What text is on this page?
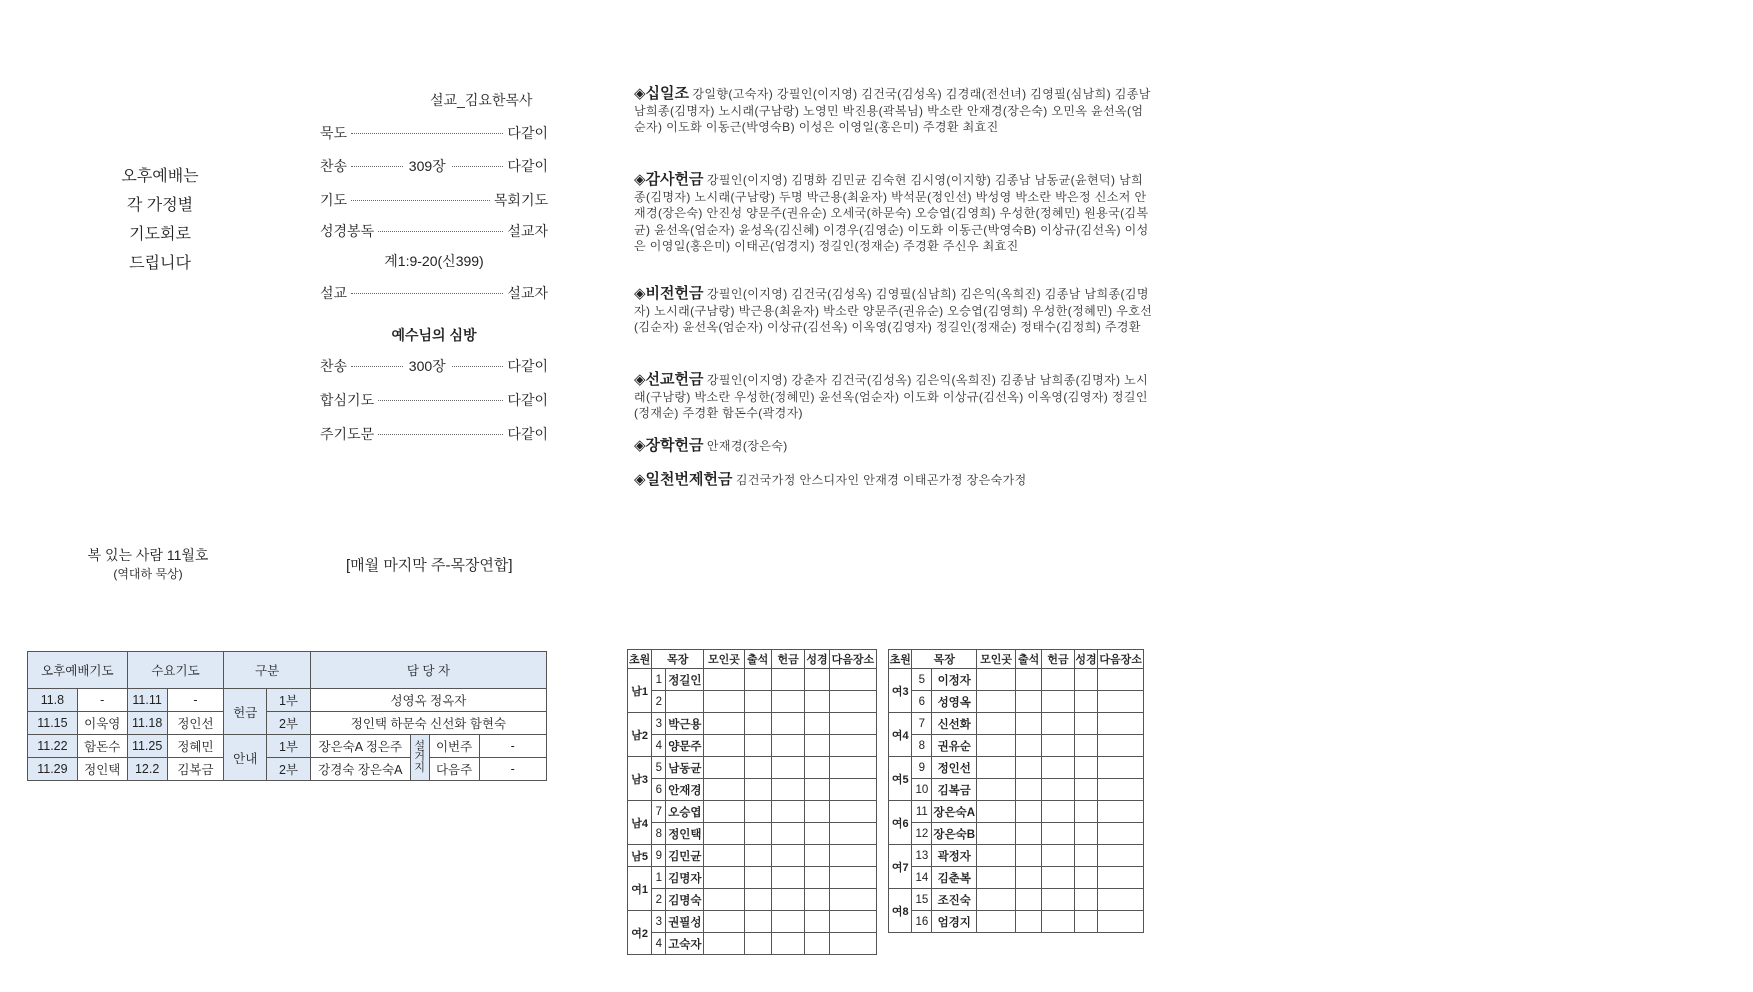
오후예배는
각 가정별
기도회로
드립니다
설교_김요한목사
묵도	다같이
찬송	309장	다같이
기도	목회기도
성경봉독	설교자
계1:9-20(신399)
설교	설교자
예수님의 심방
찬송	300장	다같이
합심기도	다같이
주기도문	다같이
◈십일조 강일향(고숙자) 강필인(이지영) 김건국(김성옥) 김경래(전선녀) 김영필(심남희) 김종남 남희종(김명자) 노시래(구남랑) 노영민 박진용(곽복님) 박소란 안재경(장은숙) 오민옥 윤선옥(엄순자) 이도화 이동근(박영숙B) 이성은 이영일(홍은미) 주경환 최효진
◈감사헌금 강필인(이지영) 김명화 김민균 김숙현 김시영(이지향) 김종남 남동균(윤현덕) 남희종(김명자) 노시래(구남랑) 두명 박근용(최윤자) 박석문(정인선) 박성영 박소란 박은정 신소저 안재경(장은숙) 안진성 양문주(권유순) 오세국(하문숙) 오승엽(김영희) 우성한(정혜민) 원용국(김복균) 윤선옥(엄순자) 윤성옥(김신혜) 이경우(김영순) 이도화 이동근(박영숙B) 이상규(김선옥) 이성은 이영일(홍은미) 이태곤(엄경지) 정길인(정재순) 주경환 주신우 최효진
◈비전헌금 강필인(이지영) 김건국(김성옥) 김영필(심남희) 김은익(옥희진) 김종남 남희종(김명자) 노시래(구남랑) 박근용(최윤자) 박소란 양문주(권유순) 오승엽(김영희) 우성한(정혜민) 우호선(김순자) 윤선옥(엄순자) 이상규(김선옥) 이옥영(김영자) 정길인(정재순) 정태수(김정희) 주경환
◈선교헌금 강필인(이지영) 강춘자 김건국(김성옥) 김은익(옥희진) 김종남 남희종(김명자) 노시래(구남랑) 박소란 우성한(정혜민) 윤선옥(엄순자) 이도화 이상규(김선옥) 이옥영(김영자) 정길인(정재순) 주경환 함돈수(곽경자)
◈장학헌금 안재경(장은숙)
◈일천번제헌금 김건국가정 안스디자인 안재경 이태곤가정 장은숙가정
복 있는 사람 11월호
(역대하 묵상)	[매월 마지막 주-목장연합]
오후예배기도		수요기도		구분		담 당 자			
11.8	-	11.11	-	헌금	1부	성영옥 정옥자			
11.15	이욱영	11.18	정인선		2부	정인택 하문숙 신선화 함현숙			
11.22	함돈수	11.25	정혜민	안내	1부	장은숙A 정은주	설거지	이번주	-
11.29	정인택	12.2	김복금		2부	강경숙 장은숙A		다음주	-
초원	목장		모인곳	출석	헌금	성경	다음장소
남1	1	정길인					
	2						
남2	3	박근용					
	4	양문주					
남3	5	남동균					
	6	안재경					
남4	7	오승엽					
	8	정인택					
남5	9	김민균					
여1	1	김명자					
	2	김명숙					
여2	3	권필성					
	4	고숙자					
초원	목장		모인곳	출석	헌금	성경	다음장소
여3	5	이정자					
	6	성영옥					
여4	7	신선화					
	8	권유순					
여5	9	정인선					
	10	김복금					
여6	11	장은숙A					
	12	장은숙B					
여7	13	곽정자					
	14	김춘복					
여8	15	조진숙					
	16	엄경지					
